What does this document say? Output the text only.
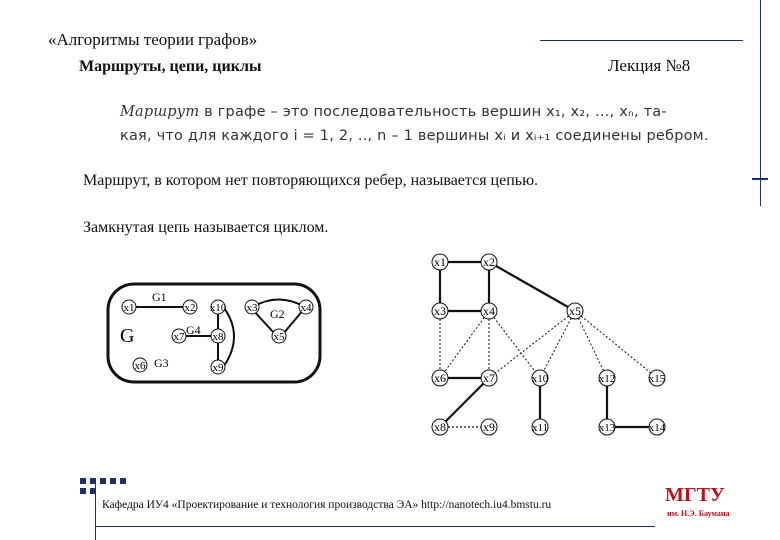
«Алгоритмы теории графов»
Маршруты, цепи, циклы	Лекция №8
Маршрут в графе – это последовательность вершин x₁, x₂, …, xₙ, та-
кая, что для каждого i = 1, 2, .., n – 1 вершины xᵢ и xᵢ₊₁ соединены ребром.
Маршрут, в котором нет повторяющихся ребер, называется цепью.
Замкнутая цепь называется циклом.
G
G1
G2
G3
G4
x1	x2 x10 x3	x4
x7	x8	x5
x6	x9
x1	x2
x3	x4	x5
x6	x7	x10	x12	x15
x8	x9	x11	x13	x14
Кафедра ИУ4 «Проектирование и технология производства ЭА» http://nanotech.iu4.bmstu.ru	МГТУ
им. Н.Э. Баумана
